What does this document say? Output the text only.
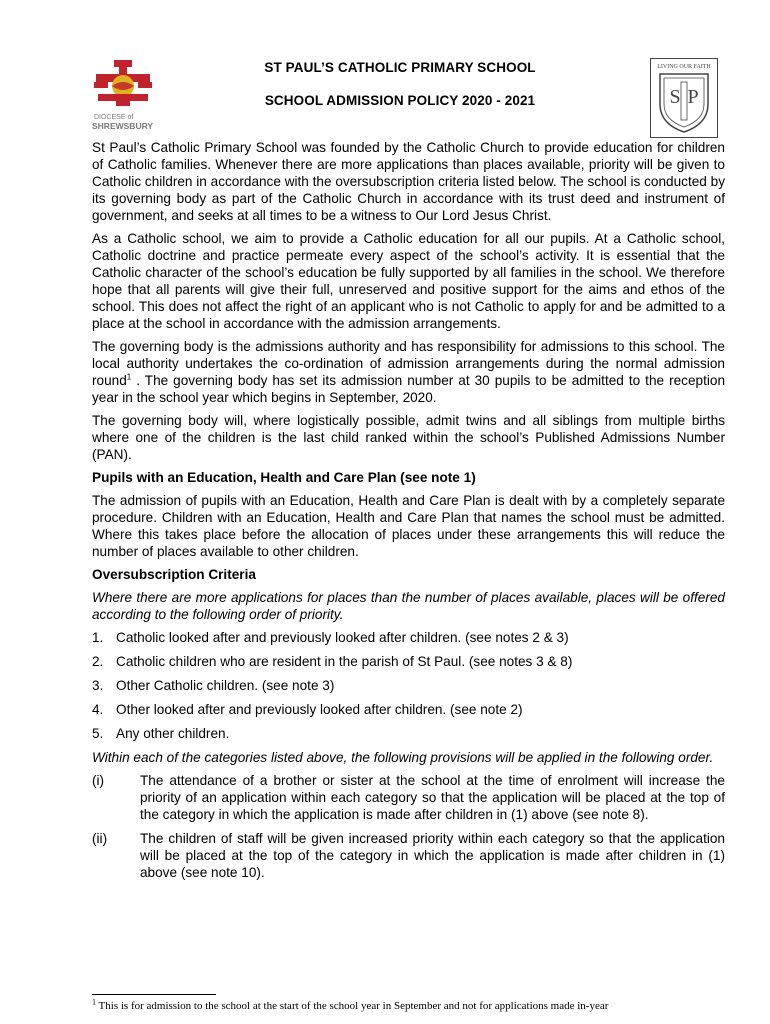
DIOCESE of
SHREWSBURY
ST PAUL’S CATHOLIC PRIMARY SCHOOL
SCHOOL ADMISSION POLICY 2020 - 2021
LIVING OUR FAITH
S P

St Paul’s Catholic Primary School was founded by the Catholic Church to provide education for children of Catholic families. Whenever there are more applications than places available, priority will be given to Catholic children in accordance with the oversubscription criteria listed below. The school is conducted by its governing body as part of the Catholic Church in accordance with its trust deed and instrument of government, and seeks at all times to be a witness to Our Lord Jesus Christ.

As a Catholic school, we aim to provide a Catholic education for all our pupils. At a Catholic school, Catholic doctrine and practice permeate every aspect of the school’s activity. It is essential that the Catholic character of the school’s education be fully supported by all families in the school. We therefore hope that all parents will give their full, unreserved and positive support for the aims and ethos of the school. This does not affect the right of an applicant who is not Catholic to apply for and be admitted to a place at the school in accordance with the admission arrangements.

The governing body is the admissions authority and has responsibility for admissions to this school. The local authority undertakes the co-ordination of admission arrangements during the normal admission round$^1$ . The governing body has set its admission number at 30 pupils to be admitted to the reception year in the school year which begins in September, 2020.

The governing body will, where logistically possible, admit twins and all siblings from multiple births where one of the children is the last child ranked within the school’s Published Admissions Number (PAN).

Pupils with an Education, Health and Care Plan (see note 1)

The admission of pupils with an Education, Health and Care Plan is dealt with by a completely separate procedure. Children with an Education, Health and Care Plan that names the school must be admitted. Where this takes place before the allocation of places under these arrangements this will reduce the number of places available to other children.

Oversubscription Criteria

Where there are more applications for places than the number of places available, places will be offered according to the following order of priority.

1. Catholic looked after and previously looked after children. (see notes 2 & 3)
2. Catholic children who are resident in the parish of St Paul. (see notes 3 & 8)
3. Other Catholic children. (see note 3)
4. Other looked after and previously looked after children. (see note 2)
5. Any other children.

Within each of the categories listed above, the following provisions will be applied in the following order.

(i)	The attendance of a brother or sister at the school at the time of enrolment will increase the priority of an application within each category so that the application will be placed at the top of the category in which the application is made after children in (1) above (see note 8).
(ii)	The children of staff will be given increased priority within each category so that the application will be placed at the top of the category in which the application is made after children in (1) above (see note 10).
$^1$ This is for admission to the school at the start of the school year in September and not for applications made in-year
